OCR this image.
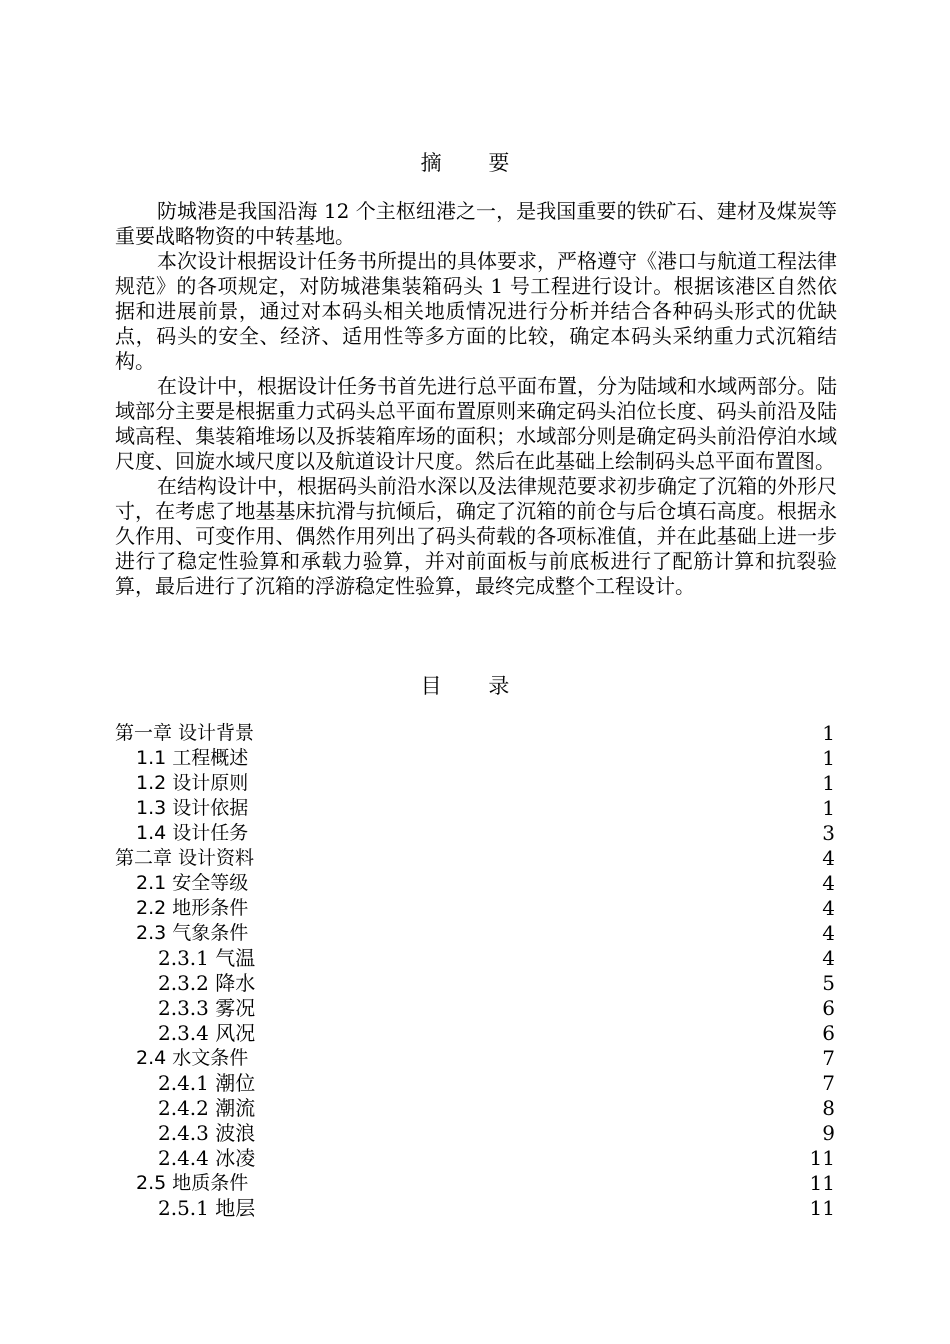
摘 要

防城港是我国沿海 12 个主枢纽港之一，是我国重要的铁矿石、建材及煤炭等重要战略物资的中转基地。

本次设计根据设计任务书所提出的具体要求，严格遵守《港口与航道工程法律规范》的各项规定，对防城港集装箱码头 1 号工程进行设计。根据该港区自然依据和进展前景，通过对本码头相关地质情况进行分析并结合各种码头形式的优缺点，码头的安全、经济、适用性等多方面的比较，确定本码头采纳重力式沉箱结构。

在设计中，根据设计任务书首先进行总平面布置，分为陆域和水域两部分。陆域部分主要是根据重力式码头总平面布置原则来确定码头泊位长度、码头前沿及陆域高程、集装箱堆场以及拆装箱库场的面积；水域部分则是确定码头前沿停泊水域尺度、回旋水域尺度以及航道设计尺度。然后在此基础上绘制码头总平面布置图。

在结构设计中，根据码头前沿水深以及法律规范要求初步确定了沉箱的外形尺寸，在考虑了地基基床抗滑与抗倾后，确定了沉箱的前仓与后仓填石高度。根据永久作用、可变作用、偶然作用列出了码头荷载的各项标准值，并在此基础上进一步进行了稳定性验算和承载力验算，并对前面板与前底板进行了配筋计算和抗裂验算，最后进行了沉箱的浮游稳定性验算，最终完成整个工程设计。

目 录
第一章 设计背景	1
1.1 工程概述	1
1.2 设计原则	1
1.3 设计依据	1
1.4 设计任务	3
第二章 设计资料	4
2.1 安全等级	4
2.2 地形条件	4
2.3 气象条件	4
2.3.1 气温	4
2.3.2 降水	5
2.3.3 雾况	6
2.3.4 风况	6
2.4 水文条件	7
2.4.1 潮位	7
2.4.2 潮流	8
2.4.3 波浪	9
2.4.4 冰凌	11
2.5 地质条件	11
2.5.1 地层	11
